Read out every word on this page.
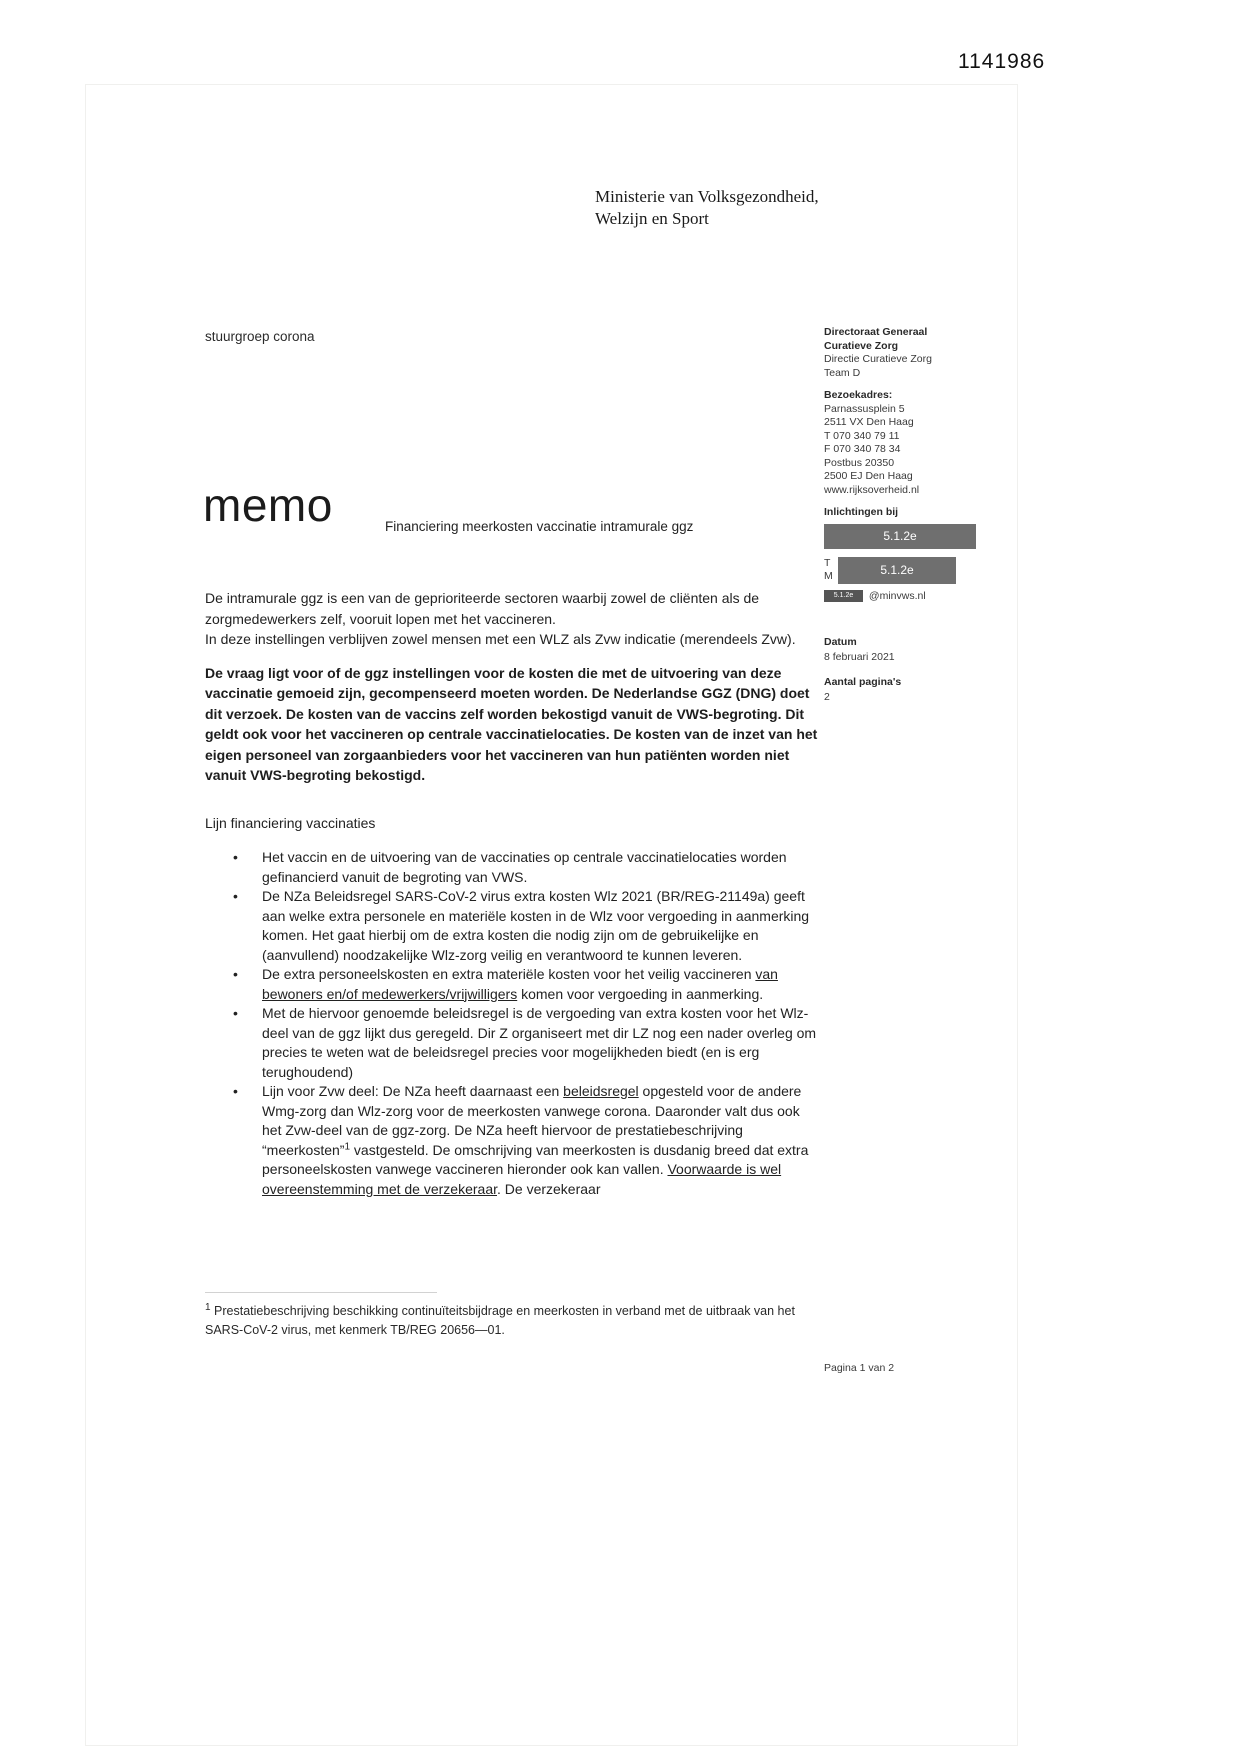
1141986
Ministerie van Volksgezondheid,
Welzijn en Sport
stuurgroep corona
memo	Financiering meerkosten vaccinatie intramurale ggz
Directoraat Generaal
Curatieve Zorg
Directie Curatieve Zorg
Team D
Bezoekadres:
Parnassusplein 5
2511 VX Den Haag
T 070 340 79 11
F 070 340 78 34
Postbus 20350
2500 EJ Den Haag
www.rijksoverheid.nl
Inlichtingen bij
5.1.2e
T
M	5.1.2e
5.1.2e @minvws.nl
Datum
8 februari 2021
Aantal pagina's
2

De intramurale ggz is een van de geprioriteerde sectoren waarbij zowel de cliënten als de zorgmedewerkers zelf, vooruit lopen met het vaccineren.

In deze instellingen verblijven zowel mensen met een WLZ als Zvw indicatie (merendeels Zvw).

De vraag ligt voor of de ggz instellingen voor de kosten die met de uitvoering van deze vaccinatie gemoeid zijn, gecompenseerd moeten worden. De Nederlandse GGZ (DNG) doet dit verzoek. De kosten van de vaccins zelf worden bekostigd vanuit de VWS-begroting. Dit geldt ook voor het vaccineren op centrale vaccinatielocaties. De kosten van de inzet van het eigen personeel van zorgaanbieders voor het vaccineren van hun patiënten worden niet vanuit VWS-begroting bekostigd.

Lijn financiering vaccinaties

• Het vaccin en de uitvoering van de vaccinaties op centrale vaccinatielocaties worden gefinancierd vanuit de begroting van VWS.
• De NZa Beleidsregel SARS-CoV-2 virus extra kosten Wlz 2021 (BR/REG-21149a) geeft aan welke extra personele en materiële kosten in de Wlz voor vergoeding in aanmerking komen. Het gaat hierbij om de extra kosten die nodig zijn om de gebruikelijke en (aanvullend) noodzakelijke Wlz-zorg veilig en verantwoord te kunnen leveren.
• De extra personeelskosten en extra materiële kosten voor het veilig vaccineren van bewoners en/of medewerkers/vrijwilligers komen voor vergoeding in aanmerking.
• Met de hiervoor genoemde beleidsregel is de vergoeding van extra kosten voor het Wlz-deel van de ggz lijkt dus geregeld. Dir Z organiseert met dir LZ nog een nader overleg om precies te weten wat de beleidsregel precies voor mogelijkheden biedt (en is erg terughoudend)
• Lijn voor Zvw deel: De NZa heeft daarnaast een beleidsregel opgesteld voor de andere Wmg-zorg dan Wlz-zorg voor de meerkosten vanwege corona. Daaronder valt dus ook het Zvw-deel van de ggz-zorg. De NZa heeft hiervoor de prestatiebeschrijving “meerkosten”$^1$ vastgesteld. De omschrijving van meerkosten is dusdanig breed dat extra personeelskosten vanwege vaccineren hieronder ook kan vallen. Voorwaarde is wel overeenstemming met de verzekeraar. De verzekeraar
$^1$ Prestatiebeschrijving beschikking continuïteitsbijdrage en meerkosten in verband met de uitbraak van het SARS-CoV-2 virus, met kenmerk TB/REG 20656—01.
Pagina 1 van 2
